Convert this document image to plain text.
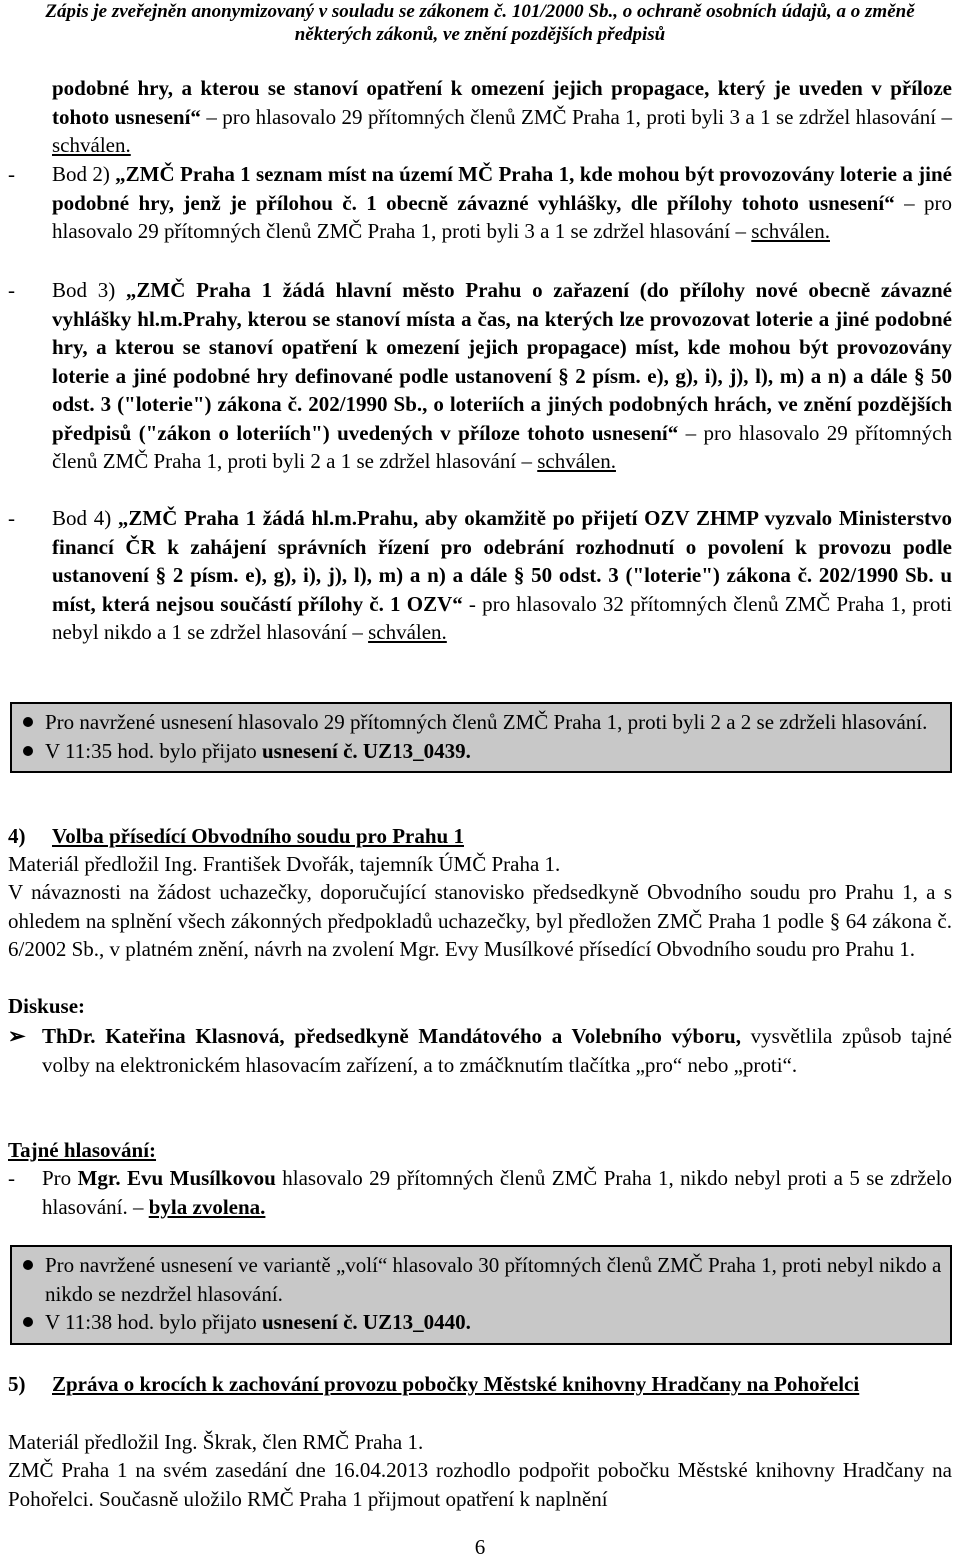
Zápis je zveřejněn anonymizovaný v souladu se zákonem č. 101/2000 Sb., o ochraně osobních údajů, a o změně
některých zákonů, ve znění pozdějších předpisů
podobné hry, a kterou se stanoví opatření k omezení jejich propagace, který je uveden v příloze tohoto usnesení“ – pro hlasovalo 29 přítomných členů ZMČ Praha 1, proti byli 3 a 1 se zdržel hlasování – schválen.
-	Bod 2) „ZMČ Praha 1 seznam míst na území MČ Praha 1, kde mohou být provozovány loterie a jiné podobné hry, jenž je přílohou č. 1 obecně závazné vyhlášky, dle přílohy tohoto usnesení“ – pro hlasovalo 29 přítomných členů ZMČ Praha 1, proti byli 3 a 1 se zdržel hlasování – schválen.
-	Bod 3) „ZMČ Praha 1 žádá hlavní město Prahu o zařazení (do přílohy nové obecně závazné vyhlášky hl.m.Prahy, kterou se stanoví místa a čas, na kterých lze provozovat loterie a jiné podobné hry, a kterou se stanoví opatření k omezení jejich propagace) míst, kde mohou být provozovány loterie a jiné podobné hry definované podle ustanovení § 2 písm. e), g), i), j), l), m) a n) a dále § 50 odst. 3 ("loterie") zákona č. 202/1990 Sb., o loteriích a jiných podobných hrách, ve znění pozdějších předpisů ("zákon o loteriích") uvedených v příloze tohoto usnesení“ – pro hlasovalo 29 přítomných členů ZMČ Praha 1, proti byli 2 a 1 se zdržel hlasování – schválen.
-	Bod 4) „ZMČ Praha 1 žádá hl.m.Prahu, aby okamžitě po přijetí OZV ZHMP vyzvalo Ministerstvo financí ČR k zahájení správních řízení pro odebrání rozhodnutí o povolení k provozu podle ustanovení § 2 písm. e), g), i), j), l), m) a n) a dále § 50 odst. 3 ("loterie") zákona č. 202/1990 Sb. u míst, která nejsou součástí přílohy č. 1 OZV“ - pro hlasovalo 32 přítomných členů ZMČ Praha 1, proti nebyl nikdo a 1 se zdržel hlasování – schválen.
Pro navržené usnesení hlasovalo 29 přítomných členů ZMČ Praha 1, proti byli 2 a 2 se zdrželi hlasování.
V 11:35 hod. bylo přijato usnesení č. UZ13_0439.
4) Volba přísedící Obvodního soudu pro Prahu 1
Materiál předložil Ing. František Dvořák, tajemník ÚMČ Praha 1.
V návaznosti na žádost uchazečky, doporučující stanovisko předsedkyně Obvodního soudu pro Prahu 1, a s ohledem na splnění všech zákonných předpokladů uchazečky, byl předložen ZMČ Praha 1 podle § 64 zákona č. 6/2002 Sb., v platném znění, návrh na zvolení Mgr. Evy Musílkové přísedící Obvodního soudu pro Prahu 1.
Diskuse:
➢ ThDr. Kateřina Klasnová, předsedkyně Mandátového a Volebního výboru, vysvětlila způsob tajné volby na elektronickém hlasovacím zařízení, a to zmáčknutím tlačítka „pro“ nebo „proti“.
Tajné hlasování:
-	Pro Mgr. Evu Musílkovou hlasovalo 29 přítomných členů ZMČ Praha 1, nikdo nebyl proti a 5 se zdrželo hlasování. – byla zvolena.
Pro navržené usnesení ve variantě „volí“ hlasovalo 30 přítomných členů ZMČ Praha 1, proti nebyl nikdo a nikdo se nezdržel hlasování.
V 11:38 hod. bylo přijato usnesení č. UZ13_0440.
5)	Zpráva o krocích k zachování provozu pobočky Městské knihovny Hradčany na Pohořelci
Materiál předložil Ing. Škrak, člen RMČ Praha 1.
ZMČ Praha 1 na svém zasedání dne 16.04.2013 rozhodlo podpořit pobočku Městské knihovny Hradčany na Pohořelci. Současně uložilo RMČ Praha 1 přijmout opatření k naplnění
6
